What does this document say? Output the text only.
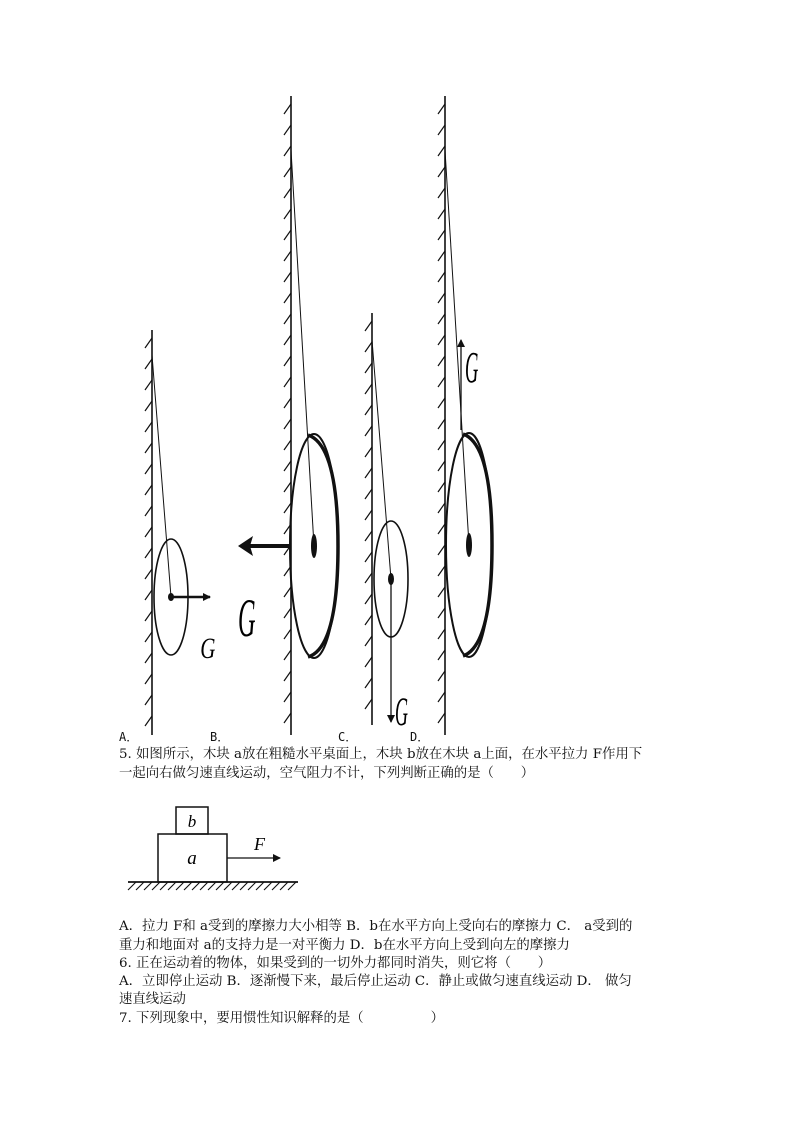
G G
G
G
b
a
F
A．	B．	C．	D．
5. 如图所示，木块 a放在粗糙水平桌面上，木块 b放在木块 a上面，在水平拉力 F作用下
一起向右做匀速直线运动，空气阻力不计，下列判断正确的是（　　）
A．拉力 F和 a受到的摩擦力大小相等 B．b在水平方向上受向右的摩擦力 C． a受到的
重力和地面对 a的支持力是一对平衡力 D．b在水平方向上受到向左的摩擦力
6. 正在运动着的物体，如果受到的一切外力都同时消失，则它将（　　）
A．立即停止运动 B．逐渐慢下来，最后停止运动 C．静止或做匀速直线运动 D． 做匀
速直线运动
7. 下列现象中，要用惯性知识解释的是（　　　　　）
